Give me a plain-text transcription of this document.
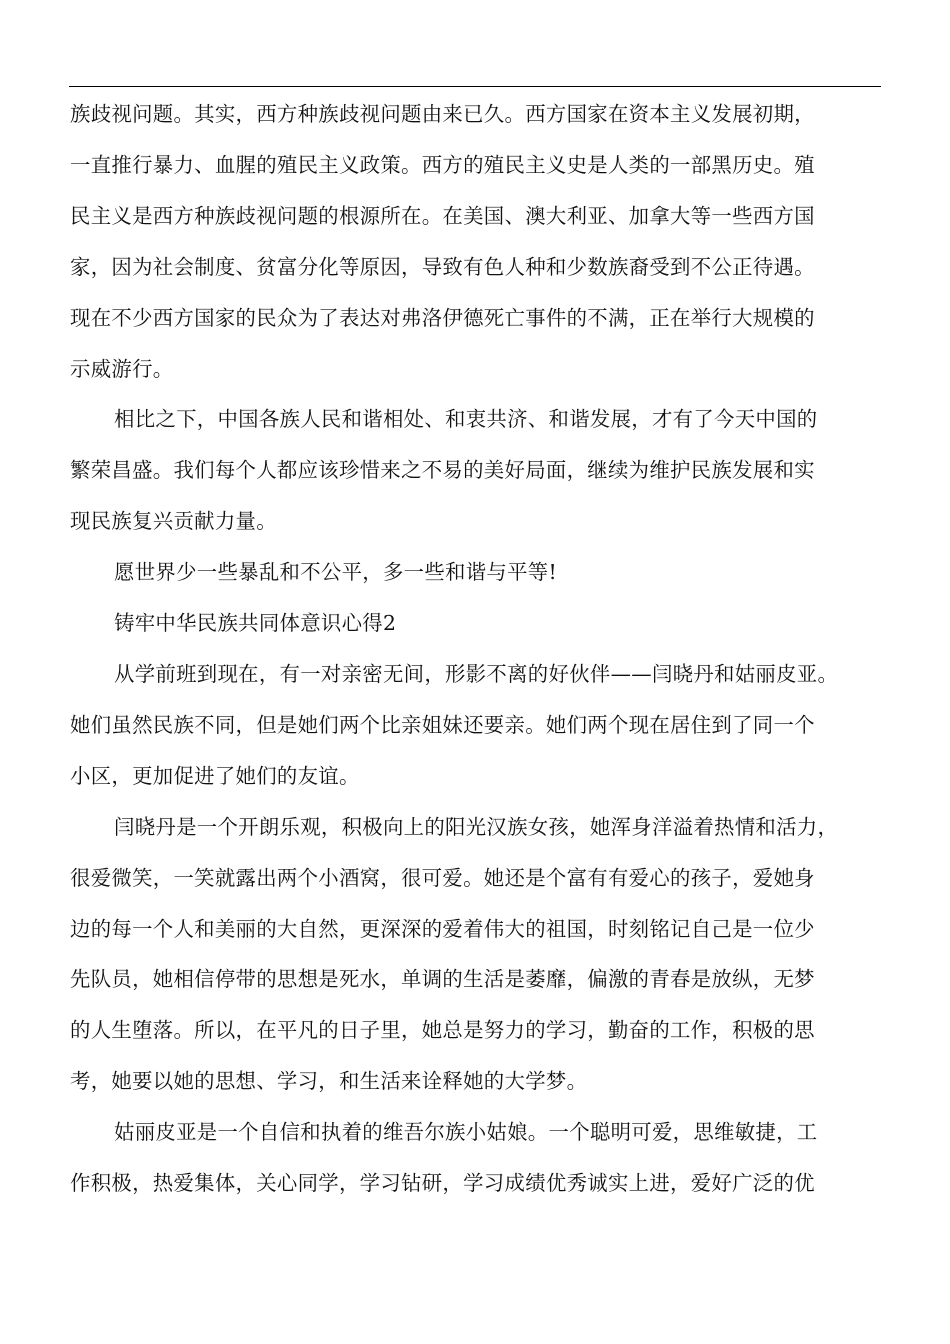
族歧视问题。其实，西方种族歧视问题由来已久。西方国家在资本主义发展初期，
一直推行暴力、血腥的殖民主义政策。西方的殖民主义史是人类的一部黑历史。殖
民主义是西方种族歧视问题的根源所在。在美国、澳大利亚、加拿大等一些西方国
家，因为社会制度、贫富分化等原因，导致有色人种和少数族裔受到不公正待遇。
现在不少西方国家的民众为了表达对弗洛伊德死亡事件的不满，正在举行大规模的
示威游行。

相比之下，中国各族人民和谐相处、和衷共济、和谐发展，才有了今天中国的
繁荣昌盛。我们每个人都应该珍惜来之不易的美好局面，继续为维护民族发展和实
现民族复兴贡献力量。

愿世界少一些暴乱和不公平，多一些和谐与平等!

铸牢中华民族共同体意识心得2

从学前班到现在，有一对亲密无间，形影不离的好伙伴——闫晓丹和姑丽皮亚。
她们虽然民族不同，但是她们两个比亲姐妹还要亲。她们两个现在居住到了同一个
小区，更加促进了她们的友谊。

闫晓丹是一个开朗乐观，积极向上的阳光汉族女孩，她浑身洋溢着热情和活力，
很爱微笑，一笑就露出两个小酒窝，很可爱。她还是个富有有爱心的孩子，爱她身
边的每一个人和美丽的大自然，更深深的爱着伟大的祖国，时刻铭记自己是一位少
先队员，她相信停带的思想是死水，单调的生活是萎靡，偏激的青春是放纵，无梦
的人生堕落。所以，在平凡的日子里，她总是努力的学习，勤奋的工作，积极的思
考，她要以她的思想、学习，和生活来诠释她的大学梦。

姑丽皮亚是一个自信和执着的维吾尔族小姑娘。一个聪明可爱，思维敏捷，工
作积极，热爱集体，关心同学，学习钻研，学习成绩优秀诚实上进，爱好广泛的优
